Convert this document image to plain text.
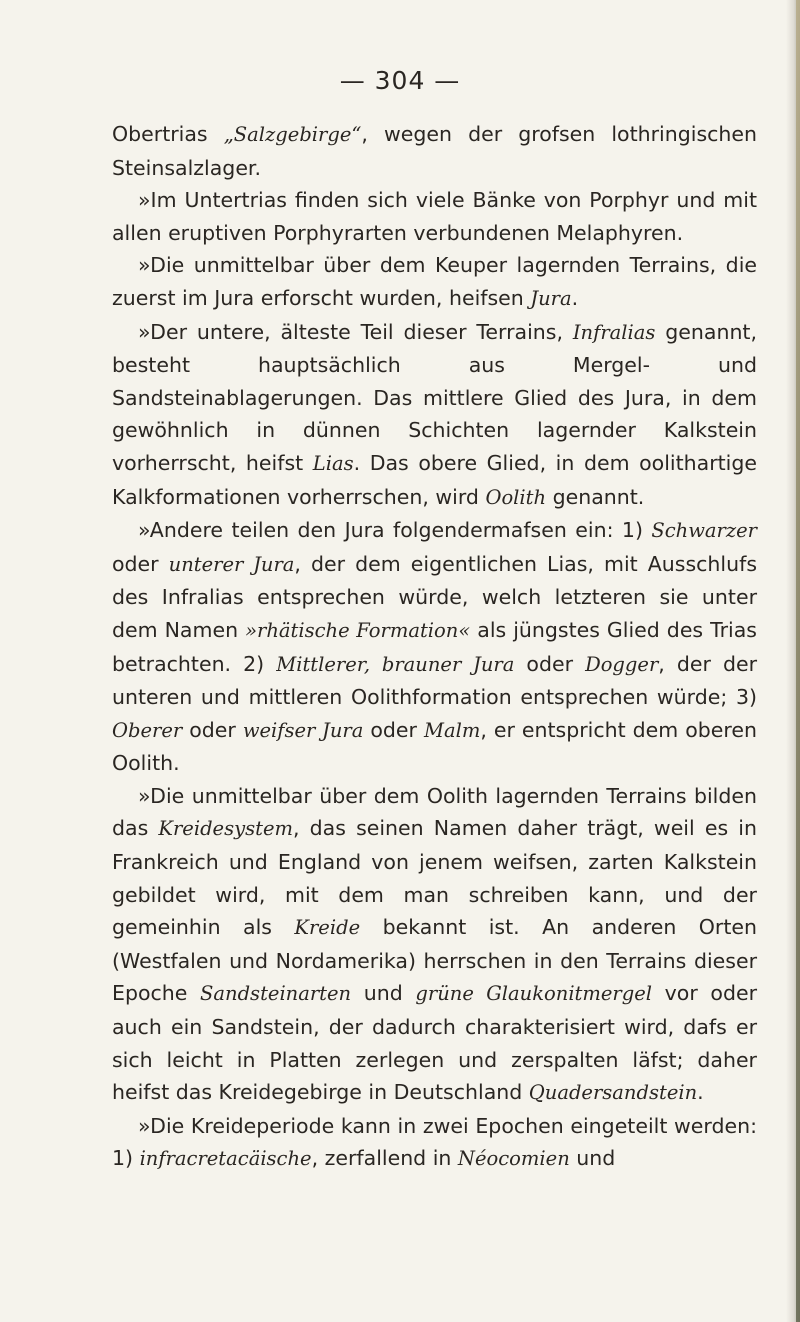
— 304 —

Obertrias „Salzgebirge“, wegen der grofsen lothringischen Steinsalzlager.

»Im Untertrias finden sich viele Bänke von Porphyr und mit allen eruptiven Porphyrarten verbundenen Melaphyren.

»Die unmittelbar über dem Keuper lagernden Terrains, die zuerst im Jura erforscht wurden, heifsen Jura.

»Der untere, älteste Teil dieser Terrains, Infralias genannt, besteht hauptsächlich aus Mergel- und Sandsteinablagerungen. Das mittlere Glied des Jura, in dem gewöhnlich in dünnen Schichten lagernder Kalkstein vorherrscht, heifst Lias. Das obere Glied, in dem oolithartige Kalkformationen vorherrschen, wird Oolith genannt.

»Andere teilen den Jura folgendermafsen ein: 1) Schwarzer oder unterer Jura, der dem eigentlichen Lias, mit Ausschlufs des Infralias entsprechen würde, welch letzteren sie unter dem Namen »rhätische Formation« als jüngstes Glied des Trias betrachten. 2) Mittlerer, brauner Jura oder Dogger, der der unteren und mittleren Oolithformation entsprechen würde; 3) Oberer oder weifser Jura oder Malm, er entspricht dem oberen Oolith.

»Die unmittelbar über dem Oolith lagernden Terrains bilden das Kreidesystem, das seinen Namen daher trägt, weil es in Frankreich und England von jenem weifsen, zarten Kalkstein gebildet wird, mit dem man schreiben kann, und der gemeinhin als Kreide bekannt ist. An anderen Orten (Westfalen und Nordamerika) herrschen in den Terrains dieser Epoche Sandsteinarten und grüne Glaukonitmergel vor oder auch ein Sandstein, der dadurch charakterisiert wird, dafs er sich leicht in Platten zerlegen und zerspalten läfst; daher heifst das Kreidegebirge in Deutschland Quadersandstein.

»Die Kreideperiode kann in zwei Epochen eingeteilt werden: 1) infracretacäische, zerfallend in Néocomien und
